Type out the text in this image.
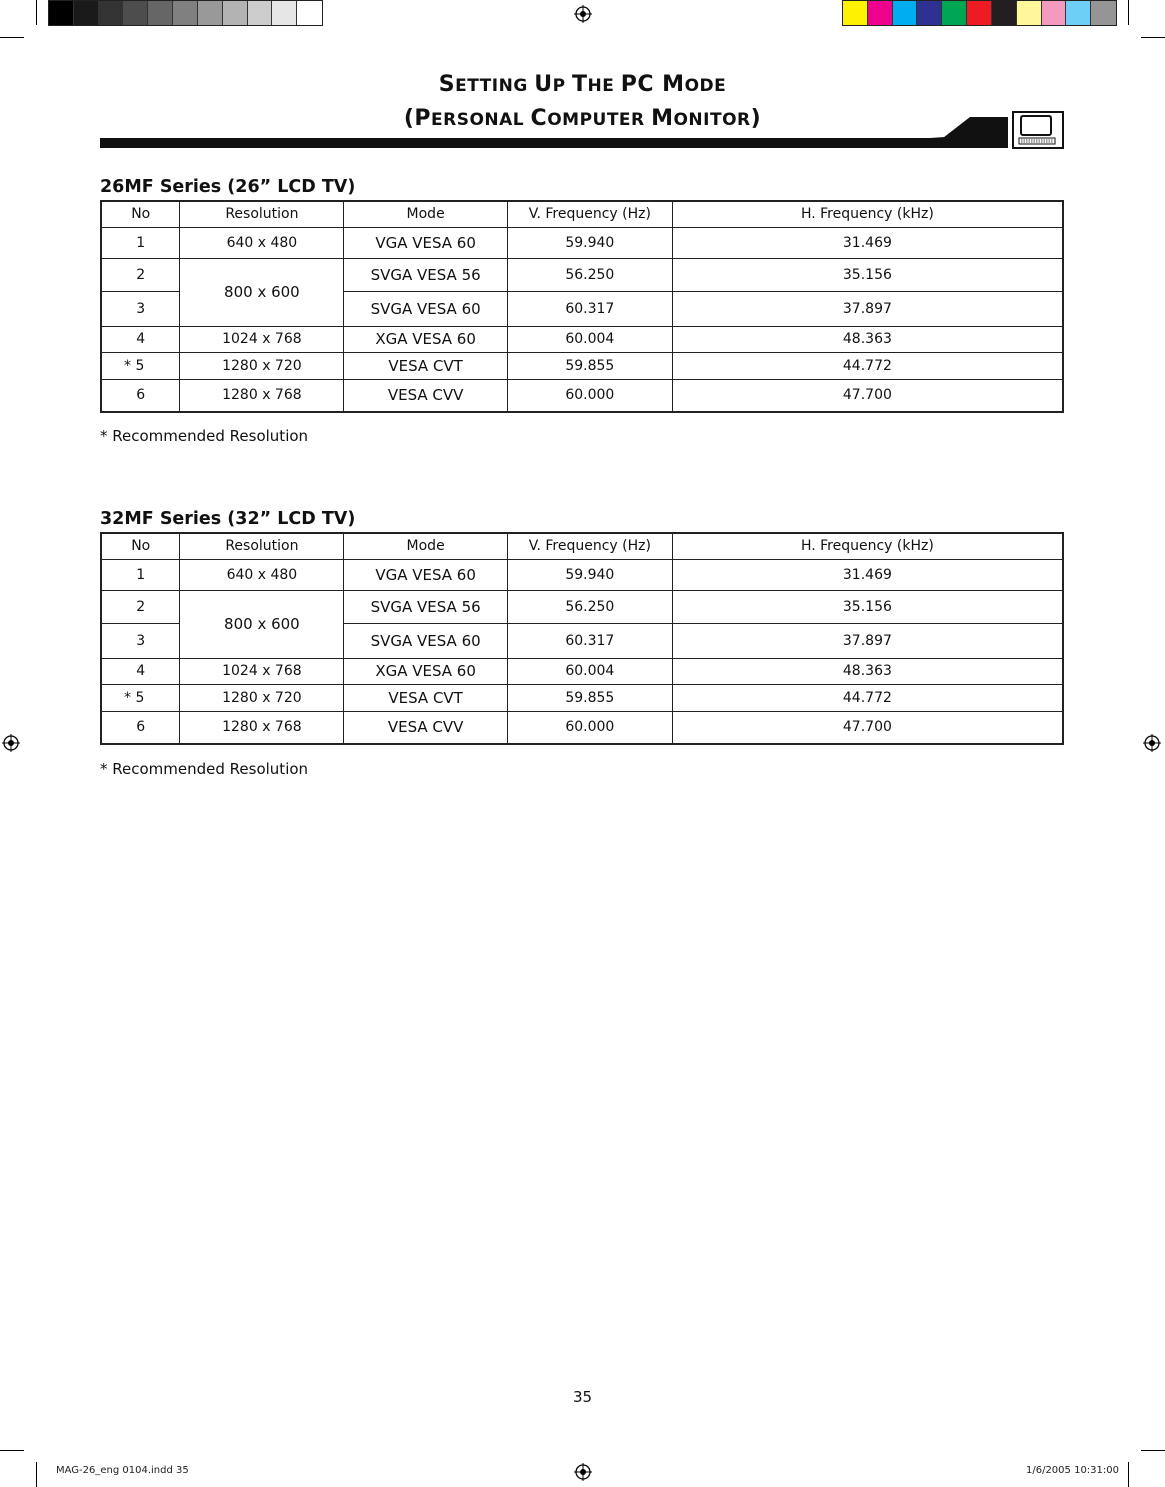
SETTING UP THE PC MODE
(PERSONAL COMPUTER MONITOR)
26MF Series (26” LCD TV)
No	Resolution	Mode	V. Frequency (Hz)	H. Frequency (kHz)
1	640 x 480	VGA VESA 60	59.940	31.469
2	800 x 600	SVGA VESA 56	56.250	35.156
3		SVGA VESA 60	60.317	37.897
4	1024 x 768	XGA VESA 60	60.004	48.363
* 5	1280 x 720	VESA CVT	59.855	44.772
6	1280 x 768	VESA CVV	60.000	47.700
* Recommended Resolution
32MF Series (32” LCD TV)
No	Resolution	Mode	V. Frequency (Hz)	H. Frequency (kHz)
1	640 x 480	VGA VESA 60	59.940	31.469
2	800 x 600	SVGA VESA 56	56.250	35.156
3		SVGA VESA 60	60.317	37.897
4	1024 x 768	XGA VESA 60	60.004	48.363
* 5	1280 x 720	VESA CVT	59.855	44.772
6	1280 x 768	VESA CVV	60.000	47.700
* Recommended Resolution
35
MAG-26_eng 0104.indd 35	1/6/2005 10:31:00
